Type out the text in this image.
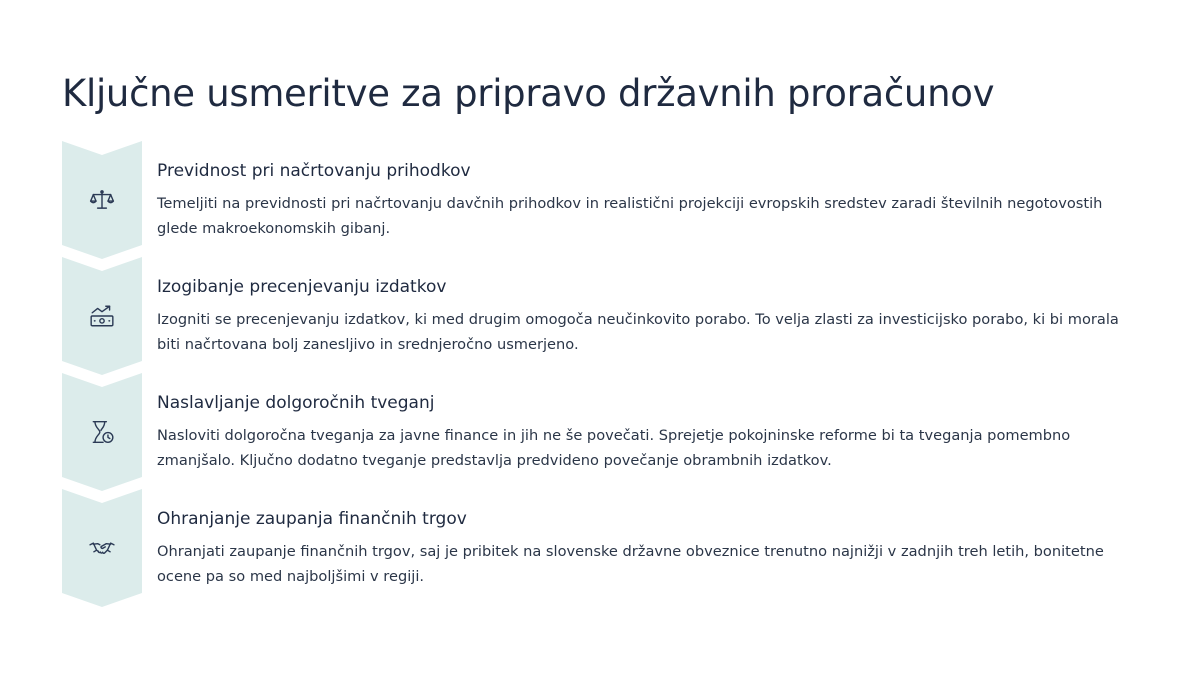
Ključne usmeritve za pripravo državnih proračunov
Previdnost pri načrtovanju prihodkov
Temeljiti na previdnosti pri načrtovanju davčnih prihodkov in realistični projekciji evropskih sredstev zaradi številnih negotovostih glede makroekonomskih gibanj.
Izogibanje precenjevanju izdatkov
Izogniti se precenjevanju izdatkov, ki med drugim omogoča neučinkovito porabo. To velja zlasti za investicijsko porabo, ki bi morala biti načrtovana bolj zanesljivo in srednjeročno usmerjeno.
Naslavljanje dolgoročnih tveganj
Nasloviti dolgoročna tveganja za javne finance in jih ne še povečati. Sprejetje pokojninske reforme bi ta tveganja pomembno zmanjšalo. Ključno dodatno tveganje predstavlja predvideno povečanje obrambnih izdatkov.
Ohranjanje zaupanja finančnih trgov
Ohranjati zaupanje finančnih trgov, saj je pribitek na slovenske državne obveznice trenutno najnižji v zadnjih treh letih, bonitetne ocene pa so med najboljšimi v regiji.
